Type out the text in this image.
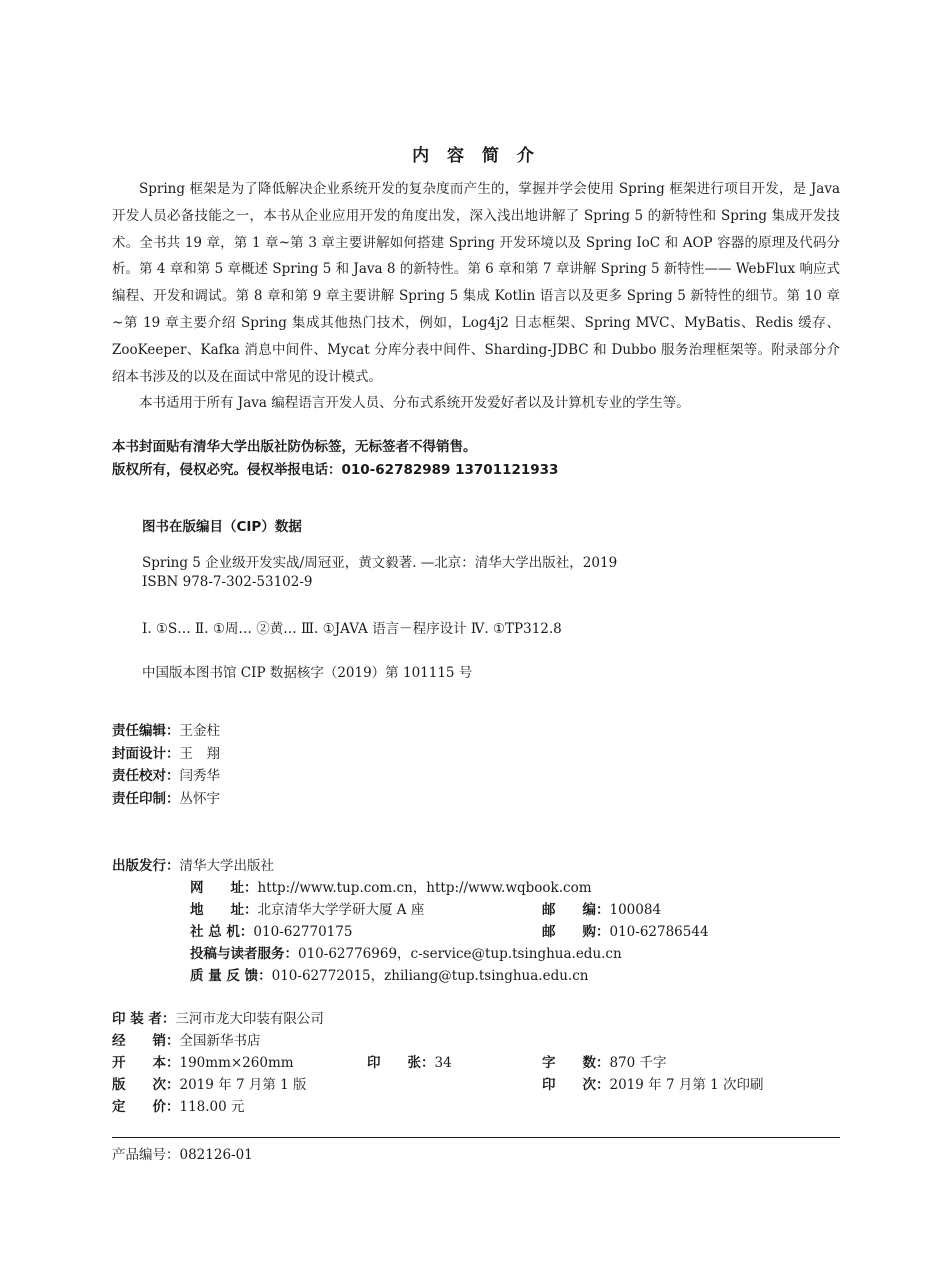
内 容 简 介

Spring 框架是为了降低解决企业系统开发的复杂度而产生的，掌握并学会使用 Spring 框架进行项目开发，是 Java 开发人员必备技能之一，本书从企业应用开发的角度出发，深入浅出地讲解了 Spring 5 的新特性和 Spring 集成开发技术。全书共 19 章，第 1 章~第 3 章主要讲解如何搭建 Spring 开发环境以及 Spring IoC 和 AOP 容器的原理及代码分析。第 4 章和第 5 章概述 Spring 5 和 Java 8 的新特性。第 6 章和第 7 章讲解 Spring 5 新特性—— WebFlux 响应式编程、开发和调试。第 8 章和第 9 章主要讲解 Spring 5 集成 Kotlin 语言以及更多 Spring 5 新特性的细节。第 10 章~第 19 章主要介绍 Spring 集成其他热门技术，例如，Log4j2 日志框架、Spring MVC、MyBatis、Redis 缓存、ZooKeeper、Kafka 消息中间件、Mycat 分库分表中间件、Sharding-JDBC 和 Dubbo 服务治理框架等。附录部分介绍本书涉及的以及在面试中常见的设计模式。

本书适用于所有 Java 编程语言开发人员、分布式系统开发爱好者以及计算机专业的学生等。

本书封面贴有清华大学出版社防伪标签，无标签者不得销售。
版权所有，侵权必究。侵权举报电话：010-62782989 13701121933
图书在版编目（CIP）数据
Spring 5 企业级开发实战/周冠亚，黄文毅著. —北京：清华大学出版社，2019
ISBN 978-7-302-53102-9
Ⅰ. ①S… Ⅱ. ①周… ②黄… Ⅲ. ①JAVA 语言－程序设计 Ⅳ. ①TP312.8
中国版本图书馆 CIP 数据核字（2019）第 101115 号
责任编辑：王金柱
封面设计：王　翔
责任校对：闫秀华
责任印制：丛怀宇
出版发行：清华大学出版社
网　　址：http://www.tup.com.cn，http://www.wqbook.com
地　　址：北京清华大学学研大厦 A 座	邮　　编：100084
社 总 机：010-62770175	邮　　购：010-62786544
投稿与读者服务：010-62776969，c-service@tup.tsinghua.edu.cn
质 量 反 馈：010-62772015，zhiliang@tup.tsinghua.edu.cn
印 装 者：三河市龙大印装有限公司
经　　销：全国新华书店
开　　本：190mm×260mm	印　　张：34	字　　数：870 千字
版　　次：2019 年 7 月第 1 版	印　　次：2019 年 7 月第 1 次印刷
定　　价：118.00 元
产品编号：082126-01
